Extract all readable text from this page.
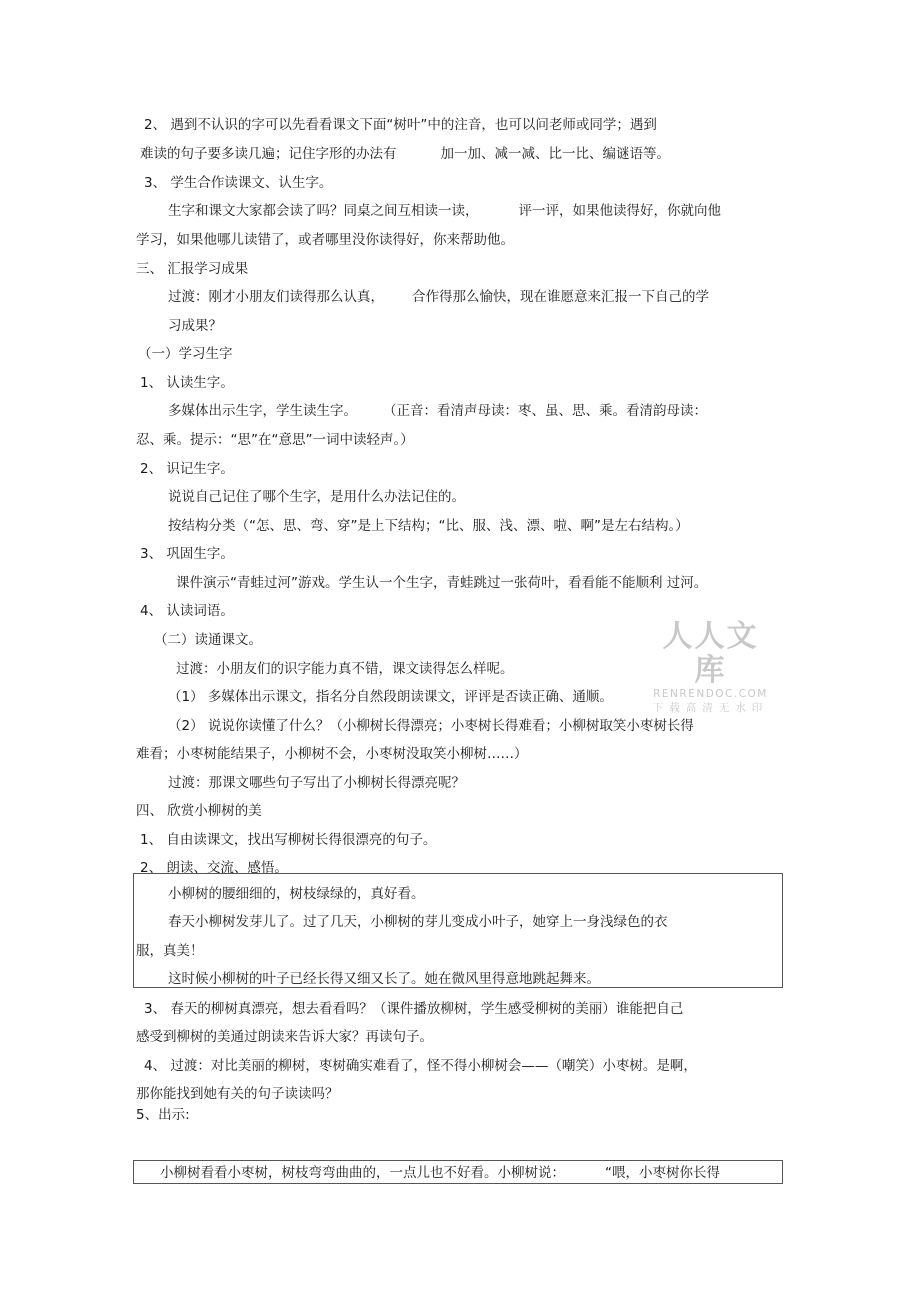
2、 遇到不认识的字可以先看看课文下面“树叶”中的注音，也可以问老师或同学；遇到
难读的句子要多读几遍；记住字形的办法有	加一加、减一减、比一比、编谜语等。
3、 学生合作读课文、认生字。
生字和课文大家都会读了吗？同桌之间互相读一读，	评一评，如果他读得好，你就向他
学习，如果他哪儿读错了，或者哪里没你读得好，你来帮助他。
三、 汇报学习成果
过渡：刚才小朋友们读得那么认真， 合作得那么愉快，现在谁愿意来汇报一下自己的学
习成果？
（一）学习生字
1、 认读生字。
多媒体出示生字，学生读生字。 （正音：看清声母读：枣、虽、思、乘。看清韵母读：
忍、乘。提示：“思”在“意思”一词中读轻声。）
2、 识记生字。
说说自己记住了哪个生字，是用什么办法记住的。
按结构分类（“怎、思、弯、穿”是上下结构；“比、服、浅、漂、啦、啊”是左右结构。）
3、 巩固生字。
课件演示“青蛙过河”游戏。学生认一个生字，青蛙跳过一张荷叶，看看能不能顺利 过河。
4、 认读词语。
（二）读通课文。
过渡：小朋友们的识字能力真不错，课文读得怎么样呢。
（1） 多媒体出示课文，指名分自然段朗读课文，评评是否读正确、通顺。
（2） 说说你读懂了什么？（小柳树长得漂亮；小枣树长得难看；小柳树取笑小枣树长得
难看；小枣树能结果子，小柳树不会，小枣树没取笑小柳树……）
过渡：那课文哪些句子写出了小柳树长得漂亮呢？
四、 欣赏小柳树的美
1、 自由读课文，找出写柳树长得很漂亮的句子。
2、 朗读、交流、感悟。
小柳树的腰细细的，树枝绿绿的，真好看。
春天小柳树发芽儿了。过了几天，小柳树的芽儿变成小叶子，她穿上一身浅绿色的衣
服，真美！
这时候小柳树的叶子已经长得又细又长了。她在微风里得意地跳起舞来。
3、 春天的柳树真漂亮，想去看看吗？（课件播放柳树，学生感受柳树的美丽）谁能把自己
感受到柳树的美通过朗读来告诉大家？再读句子。
4、 过渡：对比美丽的柳树，枣树确实难看了，怪不得小柳树会——（嘲笑）小枣树。是啊，
那你能找到她有关的句子读读吗？
5、出示:
小柳树看看小枣树，树枝弯弯曲曲的，一点儿也不好看。小柳树说：	“喂，小枣树你长得
人人文库
RENRENDOC.COM
下载高清无水印
